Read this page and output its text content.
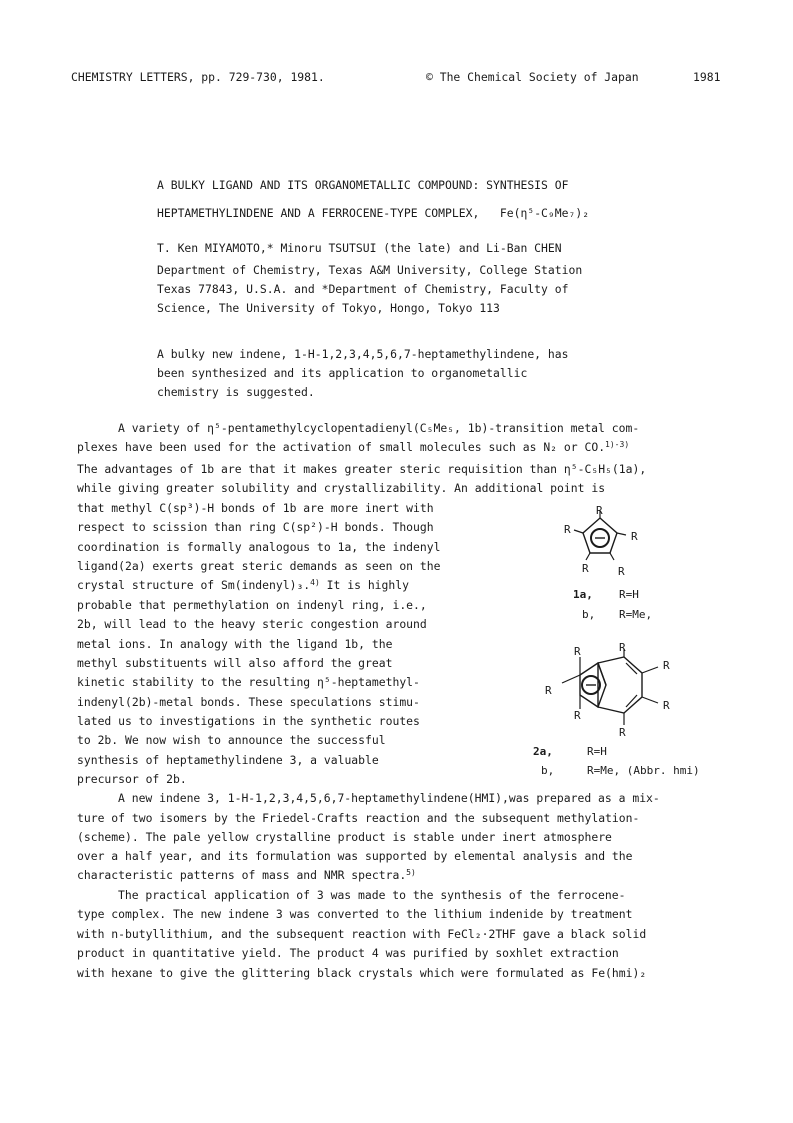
CHEMISTRY LETTERS, pp. 729-730, 1981.	© The Chemical Society of Japan	1981
A BULKY LIGAND AND ITS ORGANOMETALLIC COMPOUND: SYNTHESIS OF
HEPTAMETHYLINDENE AND A FERROCENE-TYPE COMPLEX, Fe(η⁵-C₉Me₇)₂
T. Ken MIYAMOTO,* Minoru TSUTSUI (the late) and Li-Ban CHEN
Department of Chemistry, Texas A&M University, College Station
Texas 77843, U.S.A. and *Department of Chemistry, Faculty of
Science, The University of Tokyo, Hongo, Tokyo 113
A bulky new indene, 1-H-1,2,3,4,5,6,7-heptamethylindene, has
been synthesized and its application to organometallic
chemistry is suggested.
A variety of η⁵-pentamethylcyclopentadienyl(C₅Me₅, 1b)-transition metal com-
plexes have been used for the activation of small molecules such as N₂ or CO.$^{1)-3)}$
The advantages of 1b are that it makes greater steric requisition than η⁵-C₅H₅(1a),
while giving greater solubility and crystallizability. An additional point is
that methyl C(sp³)-H bonds of 1b are more inert with
respect to scission than ring C(sp²)-H bonds. Though
coordination is formally analogous to 1a, the indenyl
ligand(2a) exerts great steric demands as seen on the
crystal structure of Sm(indenyl)₃.$^{4)}$ It is highly
probable that permethylation on indenyl ring, i.e.,
2b, will lead to the heavy steric congestion around
metal ions. In analogy with the ligand 1b, the
methyl substituents will also afford the great
kinetic stability to the resulting η⁵-heptamethyl-
indenyl(2b)-metal bonds. These speculations stimu-
lated us to investigations in the synthetic routes
to 2b. We now wish to announce the successful
synthesis of heptamethylindene 3, a valuable
precursor of 2b.
R
R
R
R	R
1a, R=H
b, R=Me,
R	R
R
R
R
R
R
2a,	R=H
b,	R=Me, (Abbr. hmi)
A new indene 3, 1-H-1,2,3,4,5,6,7-heptamethylindene(HMI),was prepared as a mix-
ture of two isomers by the Friedel-Crafts reaction and the subsequent methylation-
(scheme). The pale yellow crystalline product is stable under inert atmosphere
over a half year, and its formulation was supported by elemental analysis and the
characteristic patterns of mass and NMR spectra.$^{5)}$
The practical application of 3 was made to the synthesis of the ferrocene-
type complex. The new indene 3 was converted to the lithium indenide by treatment
with n-butyllithium, and the subsequent reaction with FeCl₂·2THF gave a black solid
product in quantitative yield. The product 4 was purified by soxhlet extraction
with hexane to give the glittering black crystals which were formulated as Fe(hmi)₂
